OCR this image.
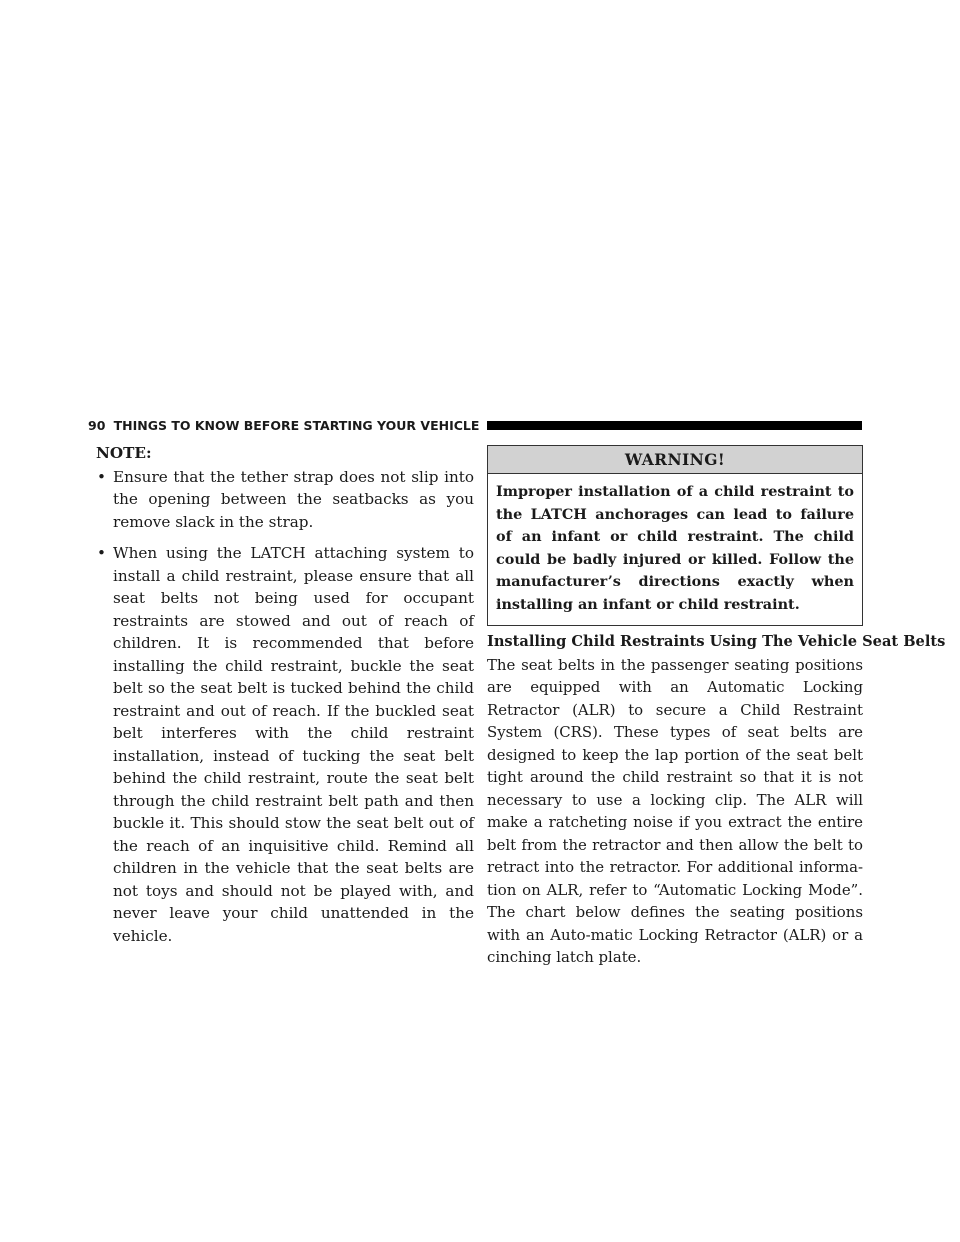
90 THINGS TO KNOW BEFORE STARTING YOUR VEHICLE

NOTE:

• Ensure that the tether strap does not slip into the opening between the seatbacks as you remove slack in the strap.
• When using the LATCH attaching system to install a child restraint, please ensure that all seat belts not being used for occupant restraints are stowed and out of reach of children. It is recommended that before installing the child restraint, buckle the seat belt so the seat belt is tucked behind the child restraint and out of reach. If the buckled seat belt interferes with the child restraint installation, instead of tucking the seat belt behind the child restraint, route the seat belt through the child restraint belt path and then buckle it. This should stow the seat belt out of the reach of an inquisitive child. Remind all children in the vehicle that the seat belts are not toys and should not be played with, and never leave your child unattended in the vehicle.
WARNING!
Improper installation of a child restraint to the LATCH anchorages can lead to failure of an infant or child restraint. The child could be badly injured or killed. Follow the manufacturer’s directions exactly when installing an infant or child restraint.

Installing Child Restraints Using The Vehicle Seat Belts

The seat belts in the passenger seating positions are equipped with an Automatic Locking Retractor (ALR) to secure a Child Restraint System (CRS). These types of seat belts are designed to keep the lap portion of the seat belt tight around the child restraint so that it is not necessary to use a locking clip. The ALR will make a ratcheting noise if you extract the entire belt from the retractor and then allow the belt to retract into the retractor. For additional informa-tion on ALR, refer to “Automatic Locking Mode”. The chart below defines the seating positions with an Auto-matic Locking Retractor (ALR) or a cinching latch plate.
